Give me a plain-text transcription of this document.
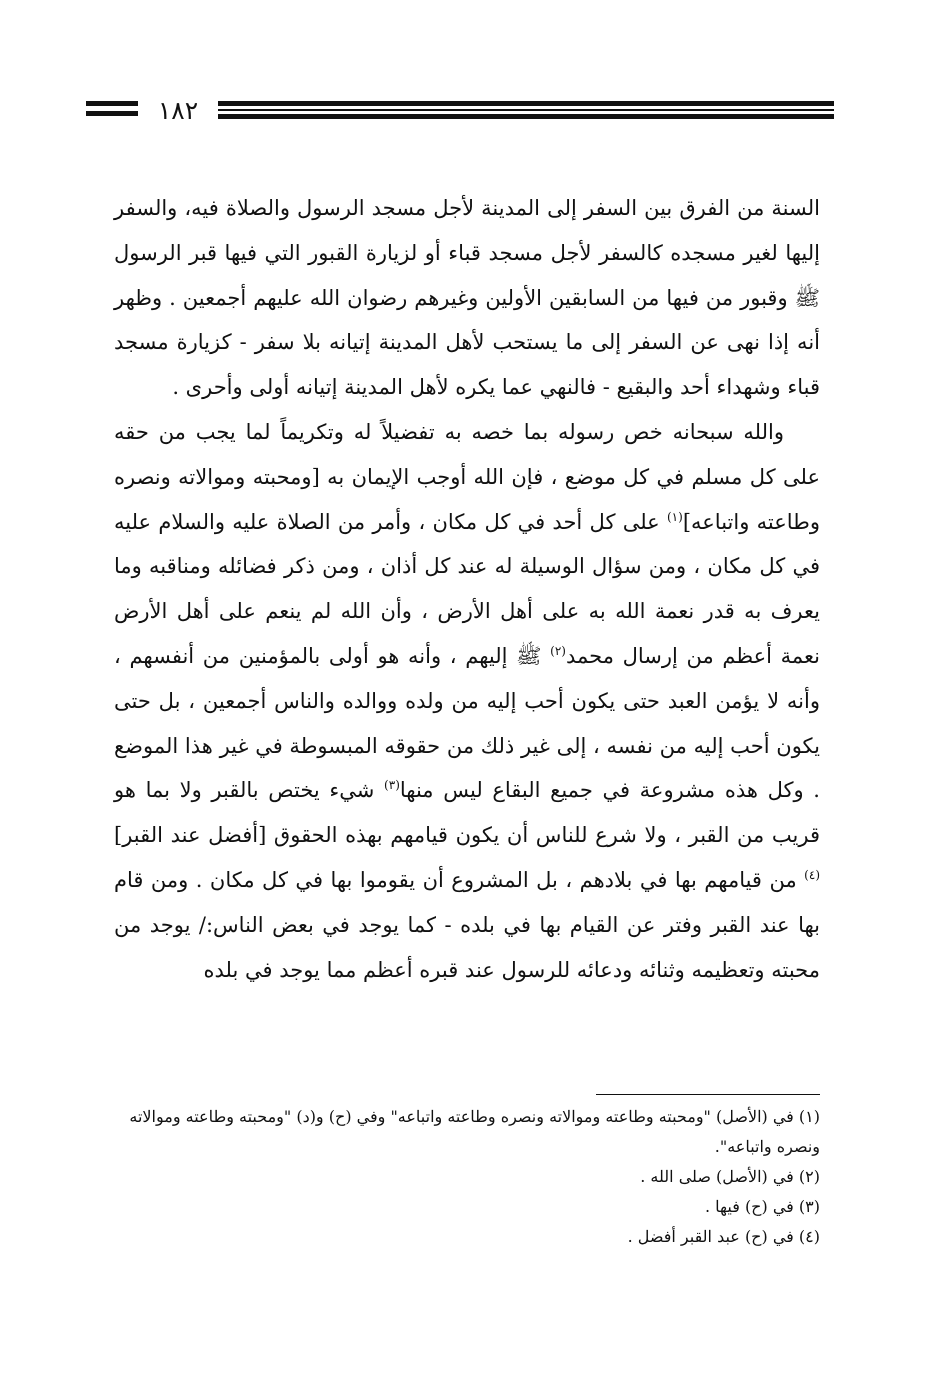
١٨٢

السنة من الفرق بين السفر إلى المدينة لأجل مسجد الرسول والصلاة فيه، والسفر إليها لغير مسجده كالسفر لأجل مسجد قباء أو لزيارة القبور التي فيها قبر الرسول ﷺ وقبور من فيها من السابقين الأولين وغيرهم رضوان الله عليهم أجمعين . وظهر أنه إذا نهى عن السفر إلى ما يستحب لأهل المدينة إتيانه بلا سفر - كزيارة مسجد قباء وشهداء أحد والبقيع - فالنهي عما يكره لأهل المدينة إتيانه أولى وأحرى .

والله سبحانه خص رسوله بما خصه به تفضيلاً له وتكريماً لما يجب من حقه على كل مسلم في كل موضع ، فإن الله أوجب الإيمان به [ومحبته وموالاته ونصره وطاعته واتباعه]$^{(١)}$ على كل أحد في كل مكان ، وأمر من الصلاة عليه والسلام عليه في كل مكان ، ومن سؤال الوسيلة له عند كل أذان ، ومن ذكر فضائله ومناقبه وما يعرف به قدر نعمة الله به على أهل الأرض ، وأن الله لم ينعم على أهل الأرض نعمة أعظم من إرسال محمد$^{(٢)}$ ﷺ إليهم ، وأنه هو أولى بالمؤمنين من أنفسهم ، وأنه لا يؤمن العبد حتى يكون أحب إليه من ولده ووالده والناس أجمعين ، بل حتى يكون أحب إليه من نفسه ، إلى غير ذلك من حقوقه المبسوطة في غير هذا الموضع . وكل هذه مشروعة في جميع البقاع ليس منها$^{(٣)}$ شيء يختص بالقبر ولا بما هو قريب من القبر ، ولا شرع للناس أن يكون قيامهم بهذه الحقوق [أفضل عند القبر]$^{(٤)}$ من قيامهم بها في بلادهم ، بل المشروع أن يقوموا بها في كل مكان . ومن قام بها عند القبر وفتر عن القيام بها في بلده - كما يوجد في بعض الناس:/ يوجد من محبته وتعظيمه وثنائه ودعائه للرسول عند قبره أعظم مما يوجد في بلده

(١) في (الأصل) "ومحبته وطاعته وموالاته ونصره وطاعته واتباعه" وفي (ح) و(د) "ومحبته وطاعته وموالاته ونصره واتباعه".

(٢) في (الأصل) صلى الله .

(٣) في (ح) فيها .

(٤) في (ح) عبد القبر أفضل .
